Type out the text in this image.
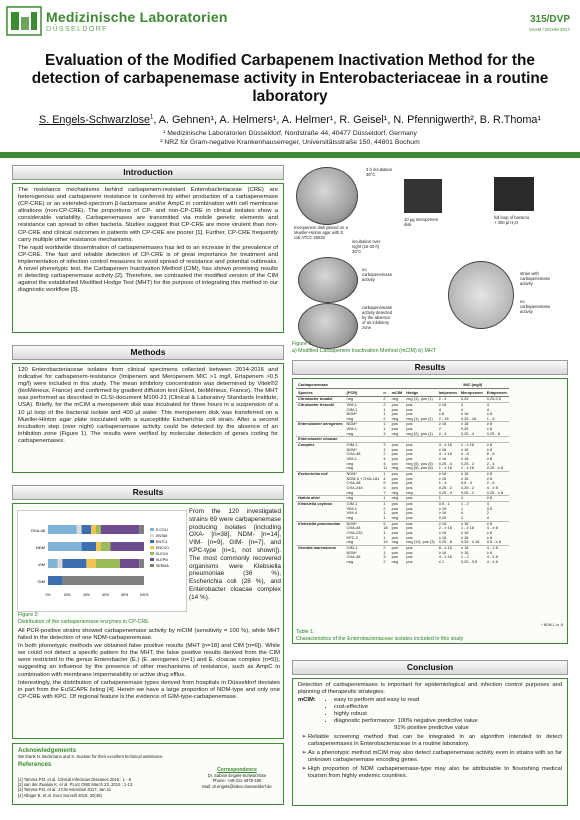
Medizinische Laboratorien
DÜSSELDORF
315/DVP
VAAM / DGHM 2017
Evaluation of the Modified Carbapenem Inactivation Method for the detection of carbapenemase activity in Enterobacteriaceae in a routine laboratory
S. Engels-Schwarzlose$^1$, A. Gehnen¹, A. Helmers¹, A. Helmer¹, R. Geisel¹, N. Pfennigwerth², B. R.Thoma¹
¹ Medizinische Laboratorien Düsseldorf, Nordstraße 44, 40477 Düsseldorf, Germany
² NRZ für Gram-negative Krankenhauserreger, Universitätsstraße 150, 44801 Bochum
Introduction

The resistance mechanisms behind carbapenem-resistant Enterobacteriaceae (CRE) are heterogenous and carbapenem resistance is conferred by either production of a carbapenemase (CP-CRE) or an extended-spectrum β-lactamase and/or AmpC in combination with cell membrane altrations (non-CP-CRE). The proportions of CP- and non-CP-CRE in clinical isolates show a considerable variability. Carbapenemases are transmitted via mobile genetic elements and resistance can spread to other bacteria. Studies suggest that CP-CRE are more virulent than non-CP-CRE and clinical outcomes in patients with CP-CRE are poorer [1]. Further, CP-CRE frequently carry multiple other resistance mechanisms.

The rapid worldwide dissemination of carbapenemases has led to an increase in the prevalence of CP-CRE. The fast and reliable detection of CP-CRE is of great importance for treatment and implementation of infection control measures to avoid spread of resistance and potential outbreaks. A novel phenotypic test, the Carbapenem Inactivation Method (CIM), has shown promising results in detecting carbapenemase activity [2]. Therefore, we contrasted the modified version of the CIM against the established Modified Hodge Test (MHT) for the purpose of integrating this method in our diagnostic workflow [3].

Methods

120 Enterobacteriaceae isolates from clinical specimens collected between 2014-2016 and indicative for carbapenem-resistance (Imipenem and Meropenem MIC >1 mg/l, Ertapenem >0,5 mg/l) were included in this study. The mean inhibitory concentration was determined by Vitek®2 (bioMérieux, France) and confirmed by gradient diffusion test (Etest, bioMérieux, France). The MHT was performed as described in CLSI-document M100-21 (Clinical & Laboratory Standards Institute, USA). Briefly, for the mCIM a meropenem disk was incubated for three hours in a suspension of a 10 µl loop of the bacterial isolate and 400 µl water. This meropenem disk was transferred on a Mueller-Hinton agar plate inoculated with a susceptible Escherichia coli strain. After a second incubation step (over night) carbapenemase activity could be detected by the absence of an inhibition zone (Figure 1). The results were verified by molecular detection of genes coding for carbapenemases.

Results
OXA-48
NDM
VIM
GIM
0%	20%	40%	60%	80%	100%
E.COLI
ENTAE
ENTCL
ENCCO
KLEOX
KLEPN
SERMA
From the 120 investigated strains 69 were carbapenemase producing isolates (including OXA- [n=38], NDM- [n=14], VIM- [n=9], GIM- [n=7], and KPC-type [n=1, not shown]). The most commonly recovered organisms were Klebsiella pneumoniae (36 %), Escherichia coli (28 %), and Enterobacter cloacae complex (14 %).
Figure 2:
Distribution of the carbapenemase enzymes in CP-CRE

All PCR-positive strains showed carbapenemase activity by mCIM (sensitivity = 100 %), while MHT failed in the detection of one NDM-carbapenemase.

In both phenotypic methods we obtained false positive results (MHT [n=18] and CIM [n=6]). While we could not detect a specific pattern for the MHT, the false positive results derived from the CIM were restricted to the genus Enterobacter (E.) (E. aerogenes (n=1) and E. cloacae complex (n=5)), suggesting an influence by the presence of other mechanisms of resistance, such as AmpC in combination with membrane impermeability or active drug efflux.

Interestingly, the distribution of carbapenemase types derived from hospitals in Düsseldorf deviates in part from the EuSCAPE listing [4]. Herein we have a large proportion of NDM-type and only one CP-CRE with KPC. Of regional feature is the evidence of GIM-type-carbapenemase.

Acknowledgements
We thank N. Beckmann and S. Suetzer for their excellent technical assistance.
References
[1] Tamma P.D. et al. Clinical Infectious Diseases 2016 : 1 - 8
[2] van der Zwaluw K. et al. PLoS ONE March 23, 2015 : 1-13
[3] Tamma P.D. et al. J Clin Microbiol 2017; Jan 11
[4] Albiger B. et al. Euro Surveill 2015; 20(45)
Correspondence
Dr. Sabine Engels-Schwarzlose
Phone: +49-211-4978-180
Mail: dr.engels@labor-duesseldorf.de
3 h incubation
36°C
meropenem disk placed on a
Mueller-Hinton agar with E.
coli ATCC 25922
10 µg meropenem
disk
full loop of bacteria
+ 400 µl H₂O
incubation over
night (16-20 h)
36°C
no
carbapenemase
activity
carbapenemase
activity detected
by the absence
of an inhibitory
zone
strain with
carbapenemase
activity
no
carbapenemase
activity
Figure 1:
a) Modified Carbapenem Inactivation Method (mCIM) b) MHT
Results
Carbapenemase					MIC (mg/l)		
Species	(PCR)	n	mCIM	Hodge	Imipenem	Meropenem	Ertapenem
Citrobacter braakii	neg	2	neg	neg (1), pos (1)	2 - 4	0,25	0,25-0,5
Citrobacter freundii	VIM-1	2	pos	pos	≥ 16	4	4
	GIM-1	1	pos	pos	4	4	4
	NDM*	1	pos	pos	≥ 8	≥ 16	≥ 8
	neg	2	neg	neg (1), pos (1)	2 - 16	0,25 - 16	1 - 8
Enterobacter aerogenes	NDM*	1	pos	pos	≥ 16	≥ 16	≥ 8
	VIM-1	1	pos	pos	2	0,25	≥ 8
	neg	3	neg	neg (2), pos (1)	2 - 4	0,25 - 4	0,25 - 8
Enterobacter cloacae							
Complex	GIM-1	3	pos	pos	4 - ≥ 16	1 - ≥ 16	≥ 8
	NDM*	1	pos	pos	≥ 16	≥ 16	≥ 8
	OXA-48	2	pos	pos	4 - ≥ 16	4 - 8	6 - 8
	VIM-1	4	pos	pos	≥ 16	≥ 16	≥ 8
	neg	4	pos	neg (5), pos (5)	0,25 - 4	0,25 - 2	2 - 4
	neg	11	neg	neg (5), pos (6)	1 - ≥ 16	1 - ≥ 16	0,25 - ≥ 8
Escherichia coli	NDM*	1	pos	pos	≥ 16	≥ 16	≥ 8
	NDM-5 + OXA-181	4	pos	pos	≥ 16	≥ 16	≥ 8
	OXA-48	9	pos	pos	1 - 4	0,5 - 4	2 - 8
	OXA-244	5	pos	pos	0,25 - 2	0,25 - 2	4 - ≥ 8
	neg	7	neg	neg	0,25 - 4	0,25 - 2	0,25 - ≥ 8
Hafnia alvei	neg	1	neg	pos	1	4	≥ 8
Klebsiella oxytoca	GIM-1	1	pos	pos	0,5 - 1	1 - 2	4
	VIM-1	2	pos	pos	≥ 16	1	0,5
	VIM-4	1	pos	pos	≥ 16	4	2
	neg	1	neg	pos	0,25	2	4
Klebsiella pneumoniae	NDM*	5	pos	pos	≥ 16	≥ 16	≥ 8
	OXA-48	18	pos	pos	2 - ≥ 16	1 - ≥ 16	4 - ≥ 8
	OXA-232	1	pos	pos	≥ 16	≥ 16	≥ 8
	KPC-2	1	pos	pos	≥ 16	≥ 16	≥ 8
	neg	14	neg	neg (11), pos (3)	0,25 - 8	0,25 - ≥ 16	0,5 - ≥ 8
Serratia marcescens	GIM-1	2	pos	pos	8 - ≥ 16	≥ 16	4 - ≥ 8
	NDM*	1	pos	pos	≥ 16	≥ 16	≥ 8
	OXA-48	3	pos	pos	4 - ≥ 16	1 - 2	4 - ≥ 8
	neg	2	neg	pos	≤ 1	0,25 - 0,5	4 - ≥ 8
* NDM-1 or -5
Table 1:
Characteristics of the Enterobacteriaceae isolates included in this study
Conclusion

Detection of carbapenemases is important for epidemiological and infection control purposes and planning of therapeutic strategies.

mCIM:	• easy to perform and easy to read
• cost-effective
• highly robust
• diagnostic performance: 100% negative predictive value
91% positive predictive value
➢ Reliable screening method that can be integrated in an algorithm intended to detect carbapenemases in Enterobacteriaceae in a routine laboratory.
➢ As a phenotypic method mCIM may also detect carbapenemase activity even in strains with so far unknown carbapenemase encoding genes.
➢ High proportion of NDM carbapenemase-type may also be attributable to flourishing medical tourism from highly endemic countries.
